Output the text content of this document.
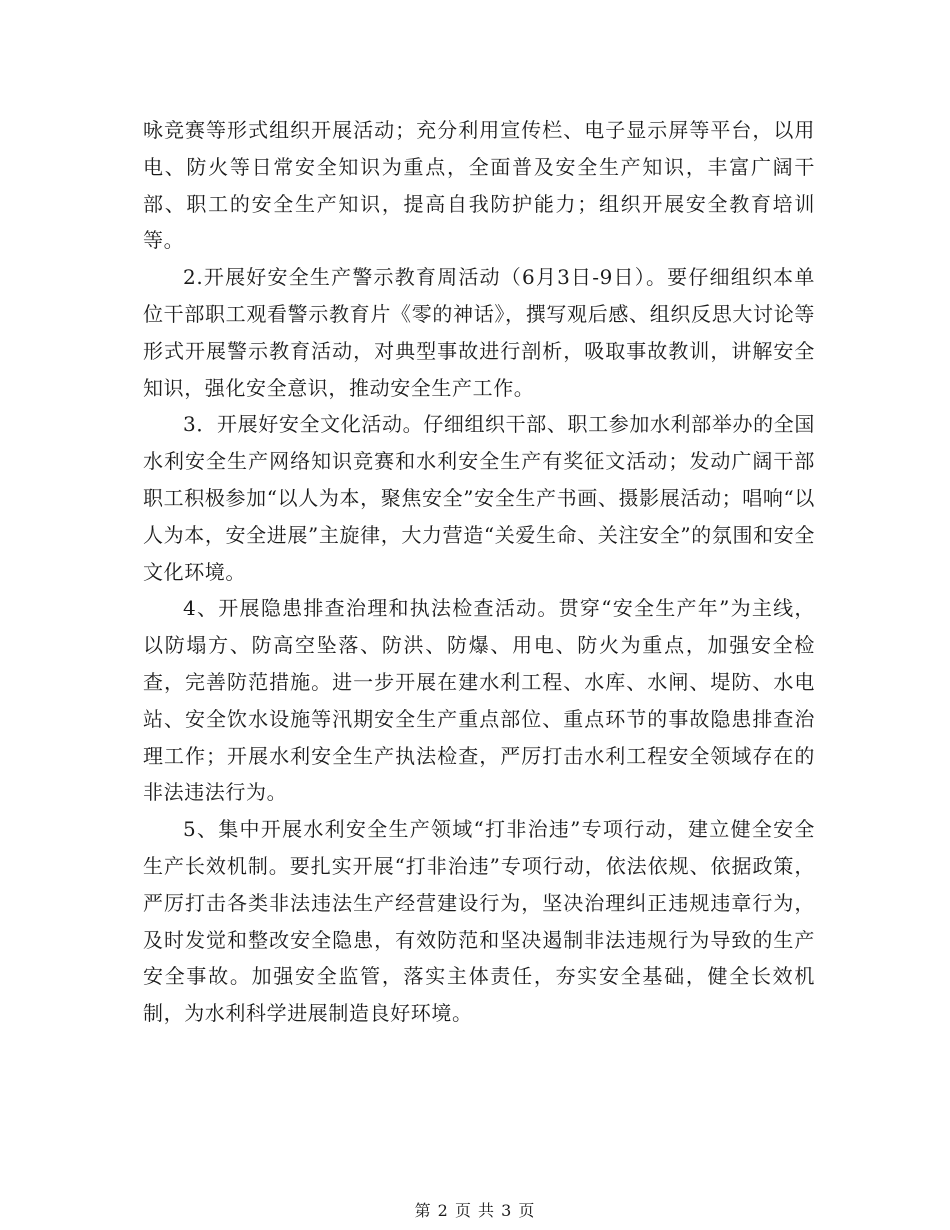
咏竞赛等形式组织开展活动；充分利用宣传栏、电子显示屏等平台，以用电、防火等日常安全知识为重点，全面普及安全生产知识，丰富广阔干部、职工的安全生产知识，提高自我防护能力；组织开展安全教育培训等。

2.开展好安全生产警示教育周活动（6月3日-9日）。要仔细组织本单位干部职工观看警示教育片《零的神话》，撰写观后感、组织反思大讨论等形式开展警示教育活动，对典型事故进行剖析，吸取事故教训，讲解安全知识，强化安全意识，推动安全生产工作。

3．开展好安全文化活动。仔细组织干部、职工参加水利部举办的全国水利安全生产网络知识竞赛和水利安全生产有奖征文活动；发动广阔干部职工积极参加“以人为本，聚焦安全”安全生产书画、摄影展活动；唱响“以人为本，安全进展”主旋律，大力营造“关爱生命、关注安全”的氛围和安全文化环境。

4、开展隐患排查治理和执法检查活动。贯穿“安全生产年”为主线，以防塌方、防高空坠落、防洪、防爆、用电、防火为重点，加强安全检查，完善防范措施。进一步开展在建水利工程、水库、水闸、堤防、水电站、安全饮水设施等汛期安全生产重点部位、重点环节的事故隐患排查治理工作；开展水利安全生产执法检查，严厉打击水利工程安全领域存在的非法违法行为。

5、集中开展水利安全生产领域“打非治违”专项行动，建立健全安全生产长效机制。要扎实开展“打非治违”专项行动，依法依规、依据政策，严厉打击各类非法违法生产经营建设行为，坚决治理纠正违规违章行为，及时发觉和整改安全隐患，有效防范和坚决遏制非法违规行为导致的生产安全事故。加强安全监管，落实主体责任，夯实安全基础，健全长效机制，为水利科学进展制造良好环境。

第 2 页 共 3 页
